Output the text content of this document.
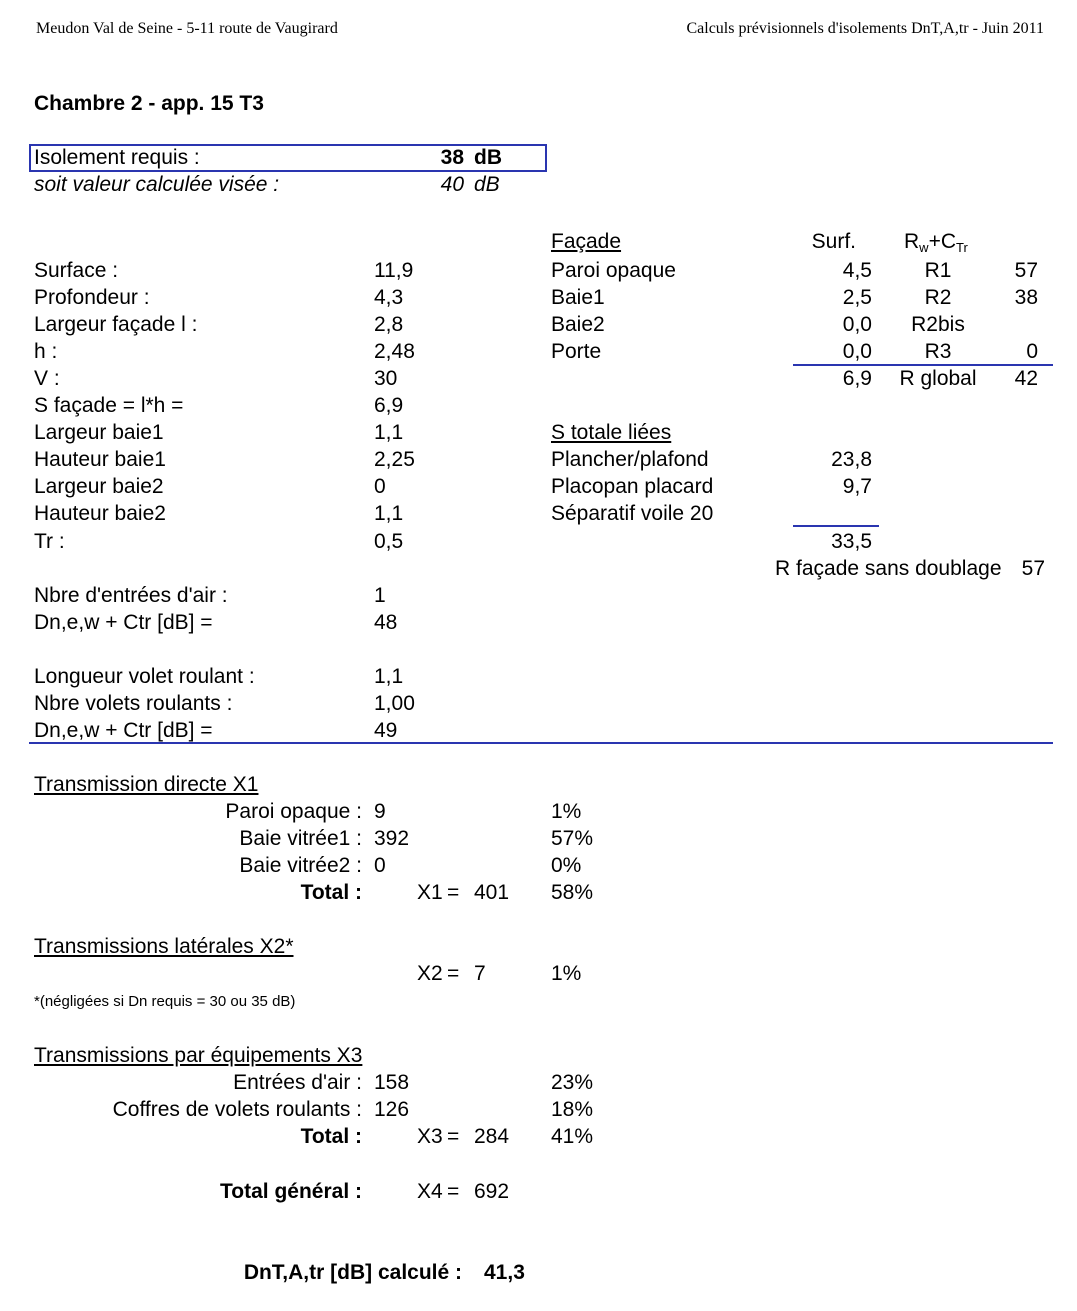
Meudon Val de Seine - 5-11 route de Vaugirard	Calculs prévisionnels d'isolements DnT,A,tr - Juin 2011
Chambre 2 - app. 15 T3
Isolement requis :	38 dB
soit valeur calculée visée :	40 dB
Surface :	11,9
Profondeur :	4,3
Largeur façade l :	2,8
h :	2,48
V :	30
S façade = l*h =	6,9
Largeur baie1	1,1
Hauteur baie1	2,25
Largeur baie2	0
Hauteur baie2	1,1
Tr :	0,5
Nbre d'entrées d'air :	1
Dn,e,w + Ctr [dB] =	48
Longueur volet roulant :	1,1
Nbre volets roulants :	1,00
Dn,e,w + Ctr [dB] =	49
Façade	Surf. $R_w+C_{Tr}$
Paroi opaque	4,5	R1	57
Baie1	2,5	R2	38
Baie2	0,0	R2bis
Porte	0,0	R3	0
6,9	R global	42
S totale liées
Plancher/plafond	23,8
Placopan placard	9,7
Séparatif voile 20
33,5
R façade sans doublage 57
Transmission directe X1
Paroi opaque : 9	1%
Baie vitrée1 : 392	57%
Baie vitrée2 : 0	0%
Total :	X1 = 401 58%
Transmissions latérales X2*
X2 = 7	1%
*(négligées si Dn requis = 30 ou 35 dB)
Transmissions par équipements X3
Entrées d'air : 158	23%
Coffres de volets roulants : 126	18%
Total :	X3 = 284 41%
Total général :	X4 = 692
DnT,A,tr [dB] calculé : 41,3
